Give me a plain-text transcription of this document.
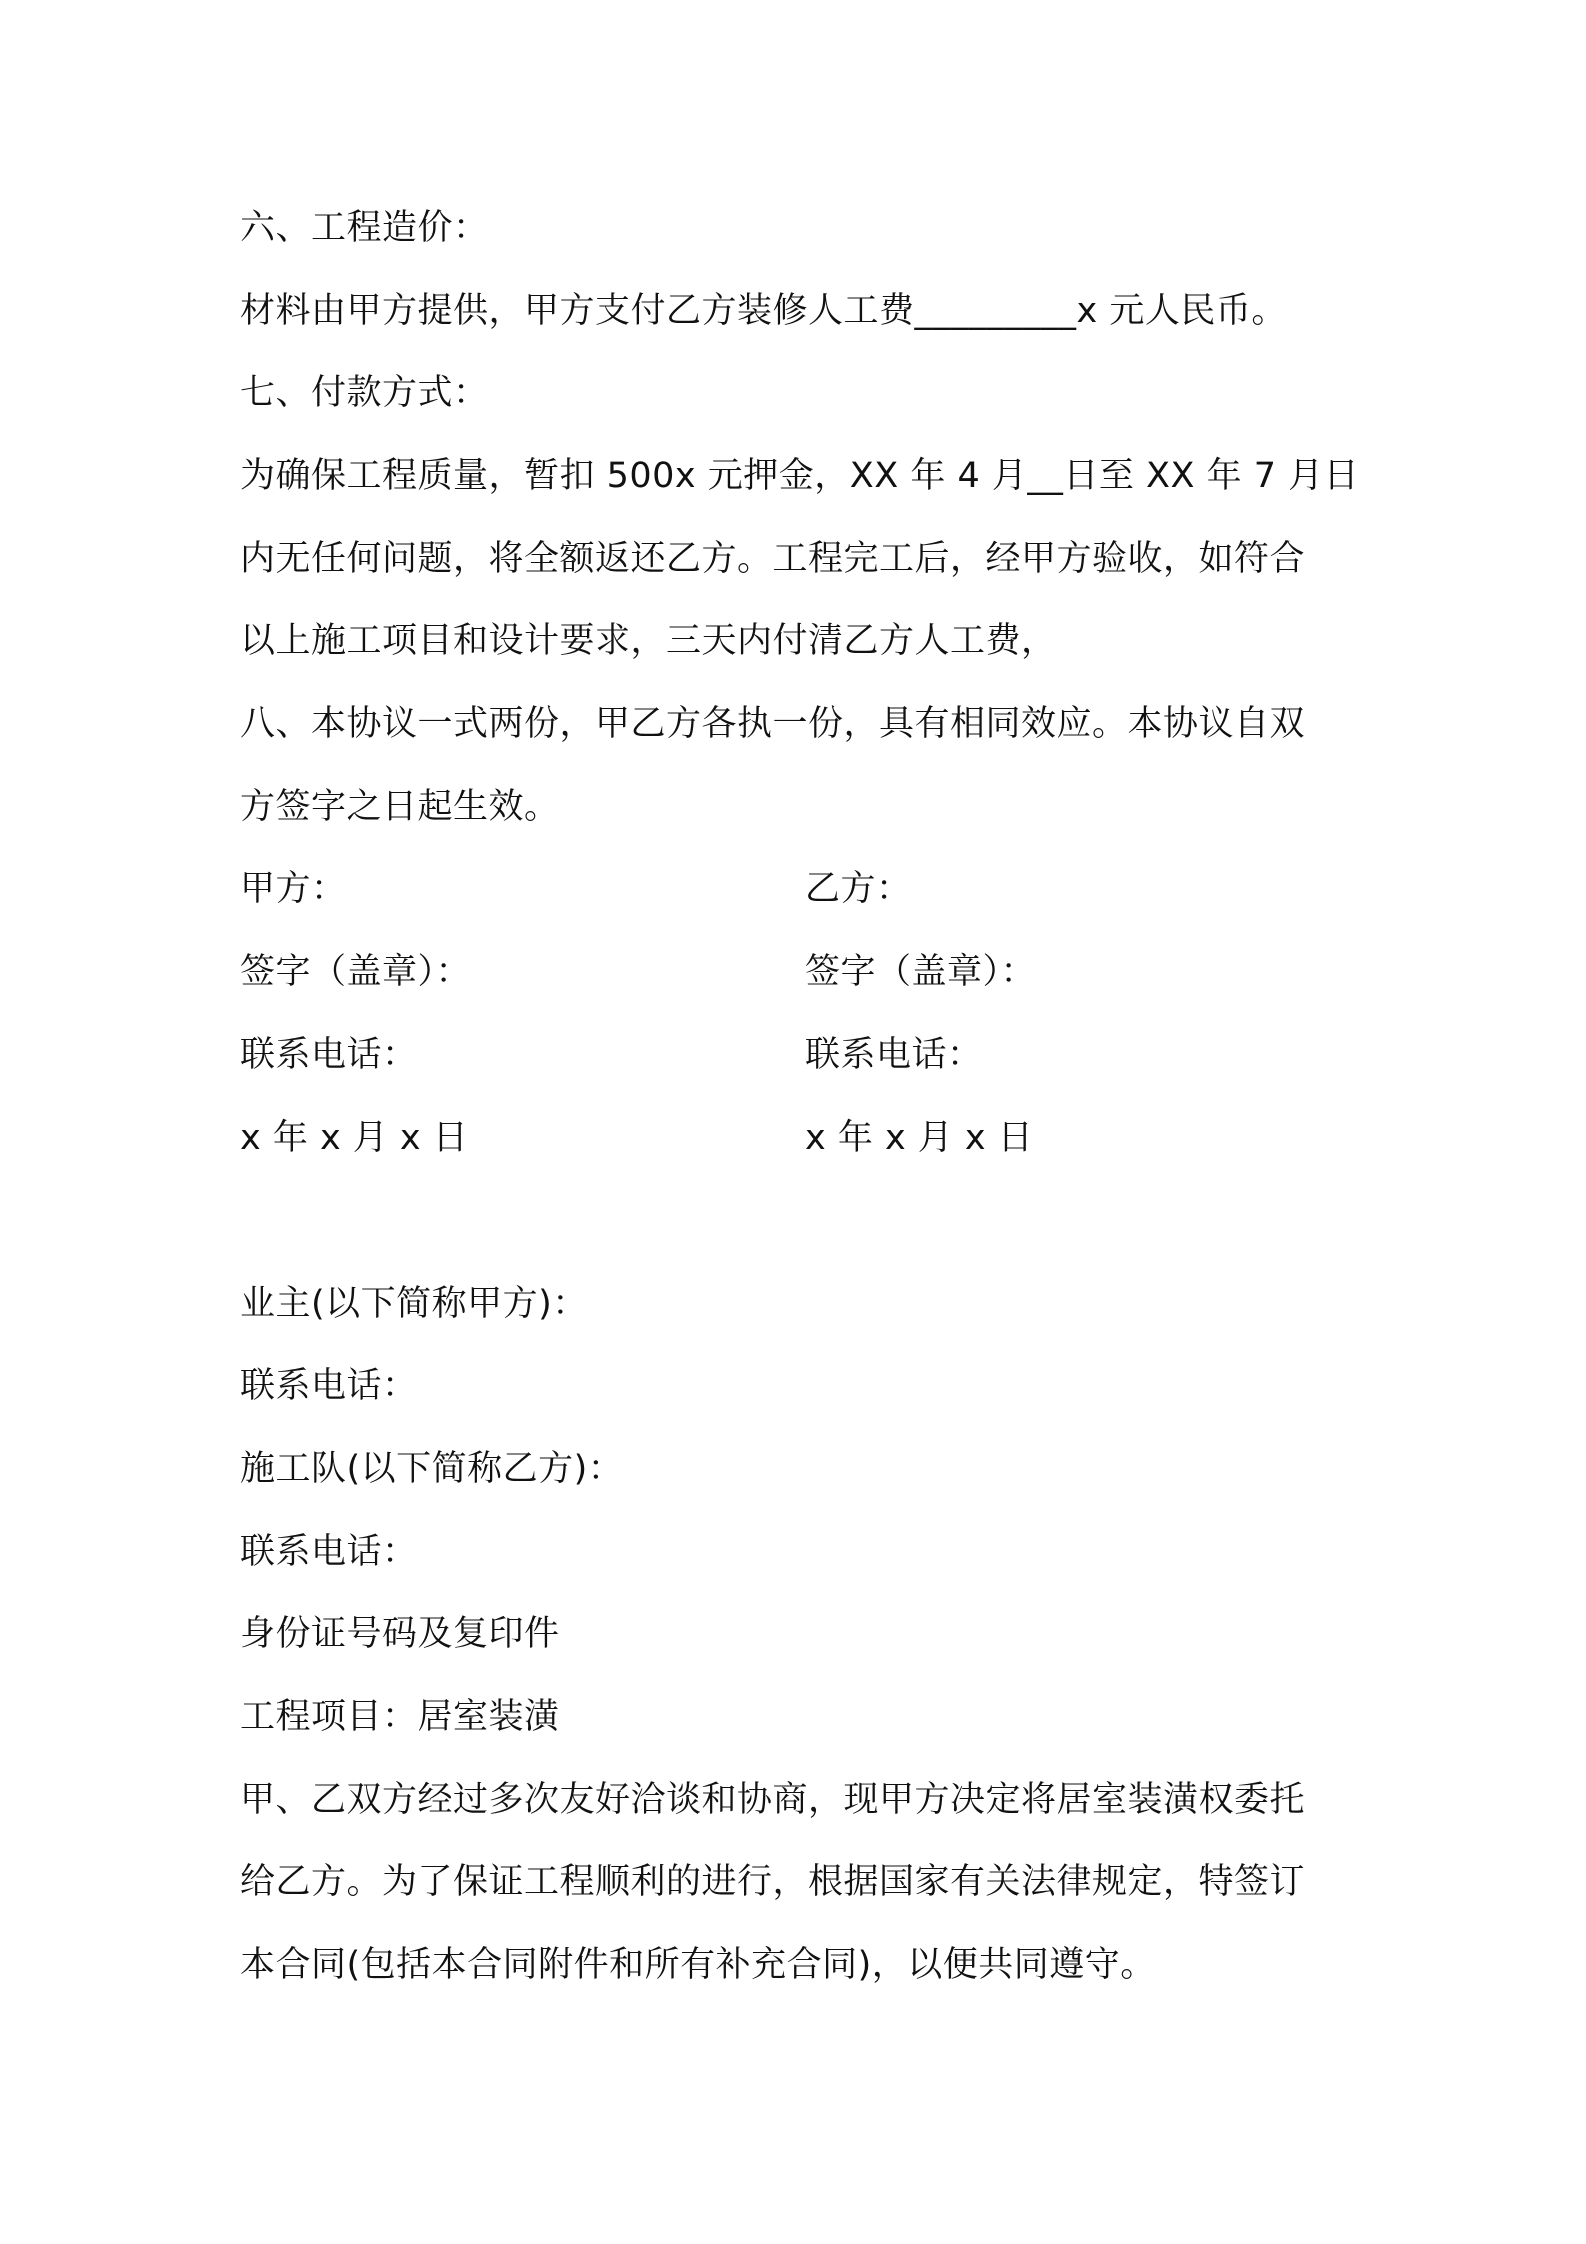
六、工程造价：
材料由甲方提供，甲方支付乙方装修人工费_________x 元人民币。
七、付款方式：
为确保工程质量，暂扣 500x 元押金，XX 年 4 月__日至 XX 年 7 月日
内无任何问题，将全额返还乙方。工程完工后，经甲方验收，如符合
以上施工项目和设计要求，三天内付清乙方人工费，
八、本协议一式两份，甲乙方各执一份，具有相同效应。本协议自双
方签字之日起生效。
甲方：	乙方：
签字（盖章）：	签字（盖章）：
联系电话：	联系电话：
x 年 x 月 x 日	x 年 x 月 x 日
业主(以下简称甲方)：
联系电话：
施工队(以下简称乙方)：
联系电话：
身份证号码及复印件
工程项目：居室装潢
甲、乙双方经过多次友好洽谈和协商，现甲方决定将居室装潢权委托
给乙方。为了保证工程顺利的进行，根据国家有关法律规定，特签订
本合同(包括本合同附件和所有补充合同)，以便共同遵守。
